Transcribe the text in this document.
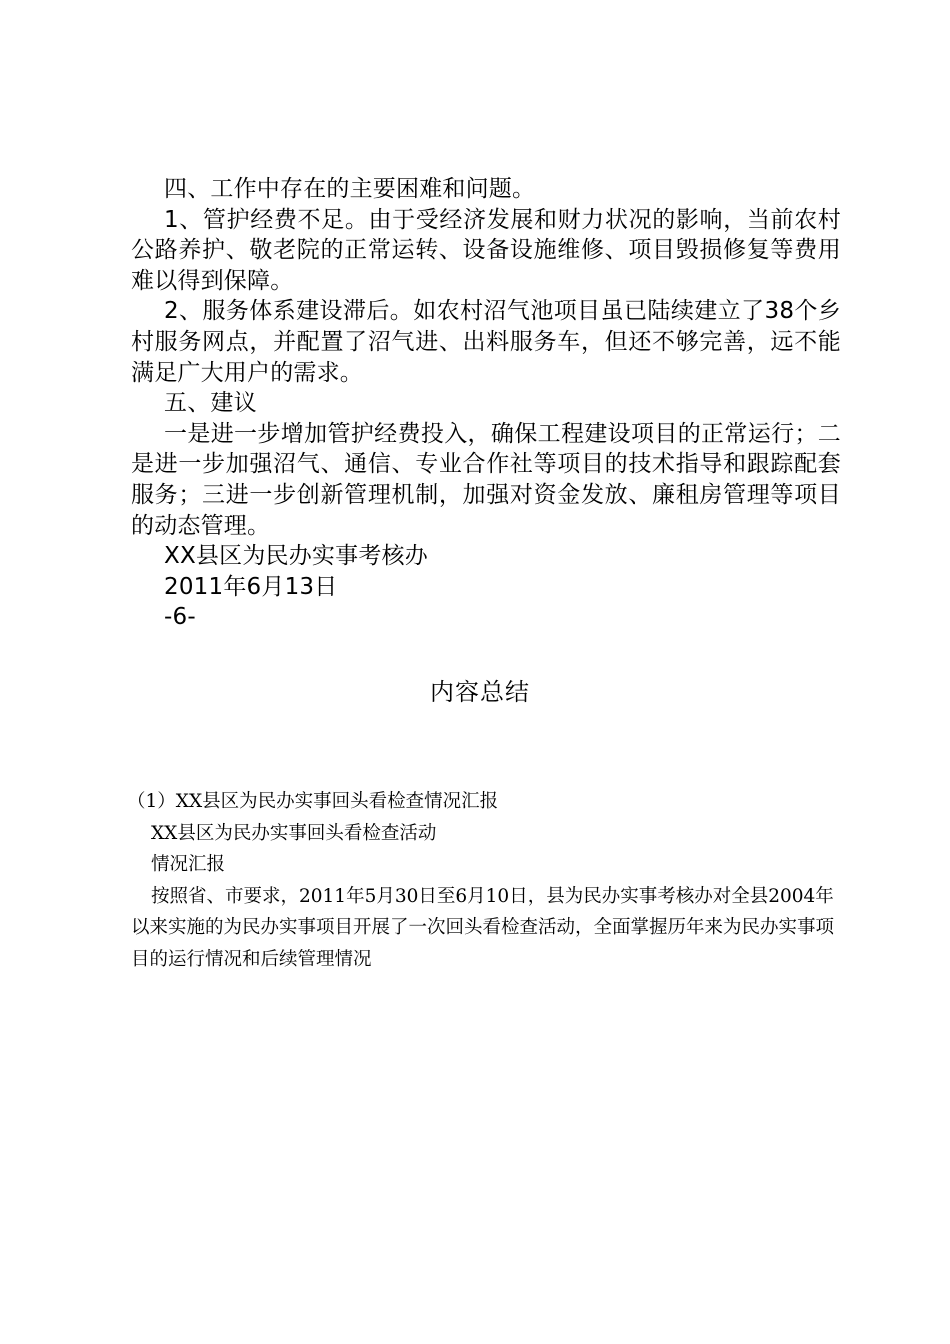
四、工作中存在的主要困难和问题。

1、管护经费不足。由于受经济发展和财力状况的影响，当前农村公路养护、敬老院的正常运转、设备设施维修、项目毁损修复等费用难以得到保障。

2、服务体系建设滞后。如农村沼气池项目虽已陆续建立了38个乡村服务网点，并配置了沼气进、出料服务车，但还不够完善，远不能满足广大用户的需求。

五、建议

一是进一步增加管护经费投入，确保工程建设项目的正常运行；二是进一步加强沼气、通信、专业合作社等项目的技术指导和跟踪配套服务；三进一步创新管理机制，加强对资金发放、廉租房管理等项目的动态管理。

XX县区为民办实事考核办

2011年6月13日

-6-

内容总结

（1）XX县区为民办实事回头看检查情况汇报

XX县区为民办实事回头看检查活动

情况汇报

按照省、市要求，2011年5月30日至6月10日，县为民办实事考核办对全县2004年以来实施的为民办实事项目开展了一次回头看检查活动，全面掌握历年来为民办实事项目的运行情况和后续管理情况
